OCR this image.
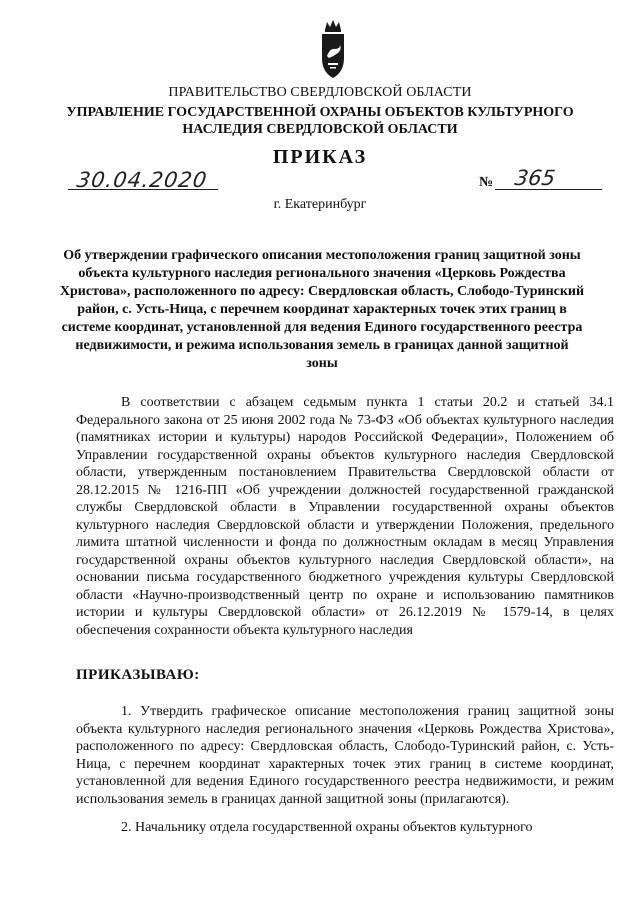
ПРАВИТЕЛЬСТВО СВЕРДЛОВСКОЙ ОБЛАСТИ
УПРАВЛЕНИЕ ГОСУДАРСТВЕННОЙ ОХРАНЫ ОБЪЕКТОВ КУЛЬТУРНОГО НАСЛЕДИЯ СВЕРДЛОВСКОЙ ОБЛАСТИ
ПРИКАЗ
30.04.2020	№ 365
г. Екатеринбург
Об утверждении графического описания местоположения границ защитной зоны объекта культурного наследия регионального значения «Церковь Рождества Христова», расположенного по адресу: Свердловская область, Слободо-Туринский район, с. Усть-Ница, с перечнем координат характерных точек этих границ в системе координат, установленной для ведения Единого государственного реестра недвижимости, и режима использования земель в границах данной защитной зоны
В соответствии с абзацем седьмым пункта 1 статьи 20.2 и статьей 34.1 Федерального закона от 25 июня 2002 года № 73-ФЗ «Об объектах культурного наследия (памятниках истории и культуры) народов Российской Федерации», Положением об Управлении государственной охраны объектов культурного наследия Свердловской области, утвержденным постановлением Правительства Свердловской области от 28.12.2015 № 1216-ПП «Об учреждении должностей государственной гражданской службы Свердловской области в Управлении государственной охраны объектов культурного наследия Свердловской области и утверждении Положения, предельного лимита штатной численности и фонда по должностным окладам в месяц Управления государственной охраны объектов культурного наследия Свердловской области», на основании письма государственного бюджетного учреждения культуры Свердловской области «Научно-производственный центр по охране и использованию памятников истории и культуры Свердловской области» от 26.12.2019 № 1579-14, в целях обеспечения сохранности объекта культурного наследия
ПРИКАЗЫВАЮ:
1. Утвердить графическое описание местоположения границ защитной зоны объекта культурного наследия регионального значения «Церковь Рождества Христова», расположенного по адресу: Свердловская область, Слободо-Туринский район, с. Усть-Ница, с перечнем координат характерных точек этих границ в системе координат, установленной для ведения Единого государственного реестра недвижимости, и режим использования земель в границах данной защитной зоны (прилагаются).
2. Начальнику отдела государственной охраны объектов культурного
